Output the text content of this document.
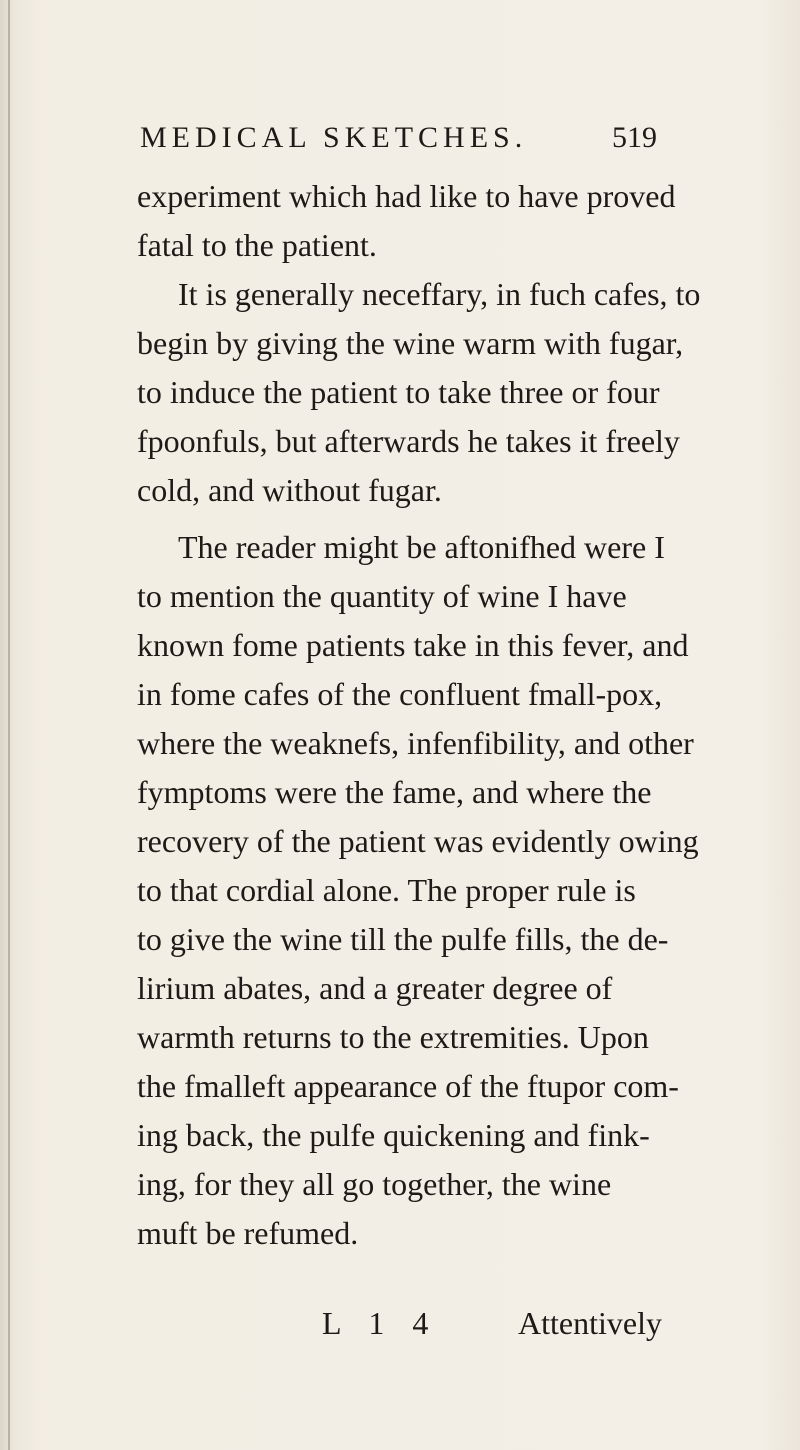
MEDICAL SKETCHES.	519
experiment which had like to have proved
fatal to the patient.
It is generally neceffary, in fuch cafes, to
begin by giving the wine warm with fugar,
to induce the patient to take three or four
fpoonfuls, but afterwards he takes it freely
cold, and without fugar.
The reader might be aftonifhed were I
to mention the quantity of wine I have
known fome patients take in this fever, and
in fome cafes of the confluent fmall-pox,
where the weaknefs, infenfibility, and other
fymptoms were the fame, and where the
recovery of the patient was evidently owing
to that cordial alone. The proper rule is
to give the wine till the pulfe fills, the de-
lirium abates, and a greater degree of
warmth returns to the extremities. Upon
the fmalleft appearance of the ftupor com-
ing back, the pulfe quickening and fink-
ing, for they all go together, the wine
muft be refumed.
L 1 4 Attentively
